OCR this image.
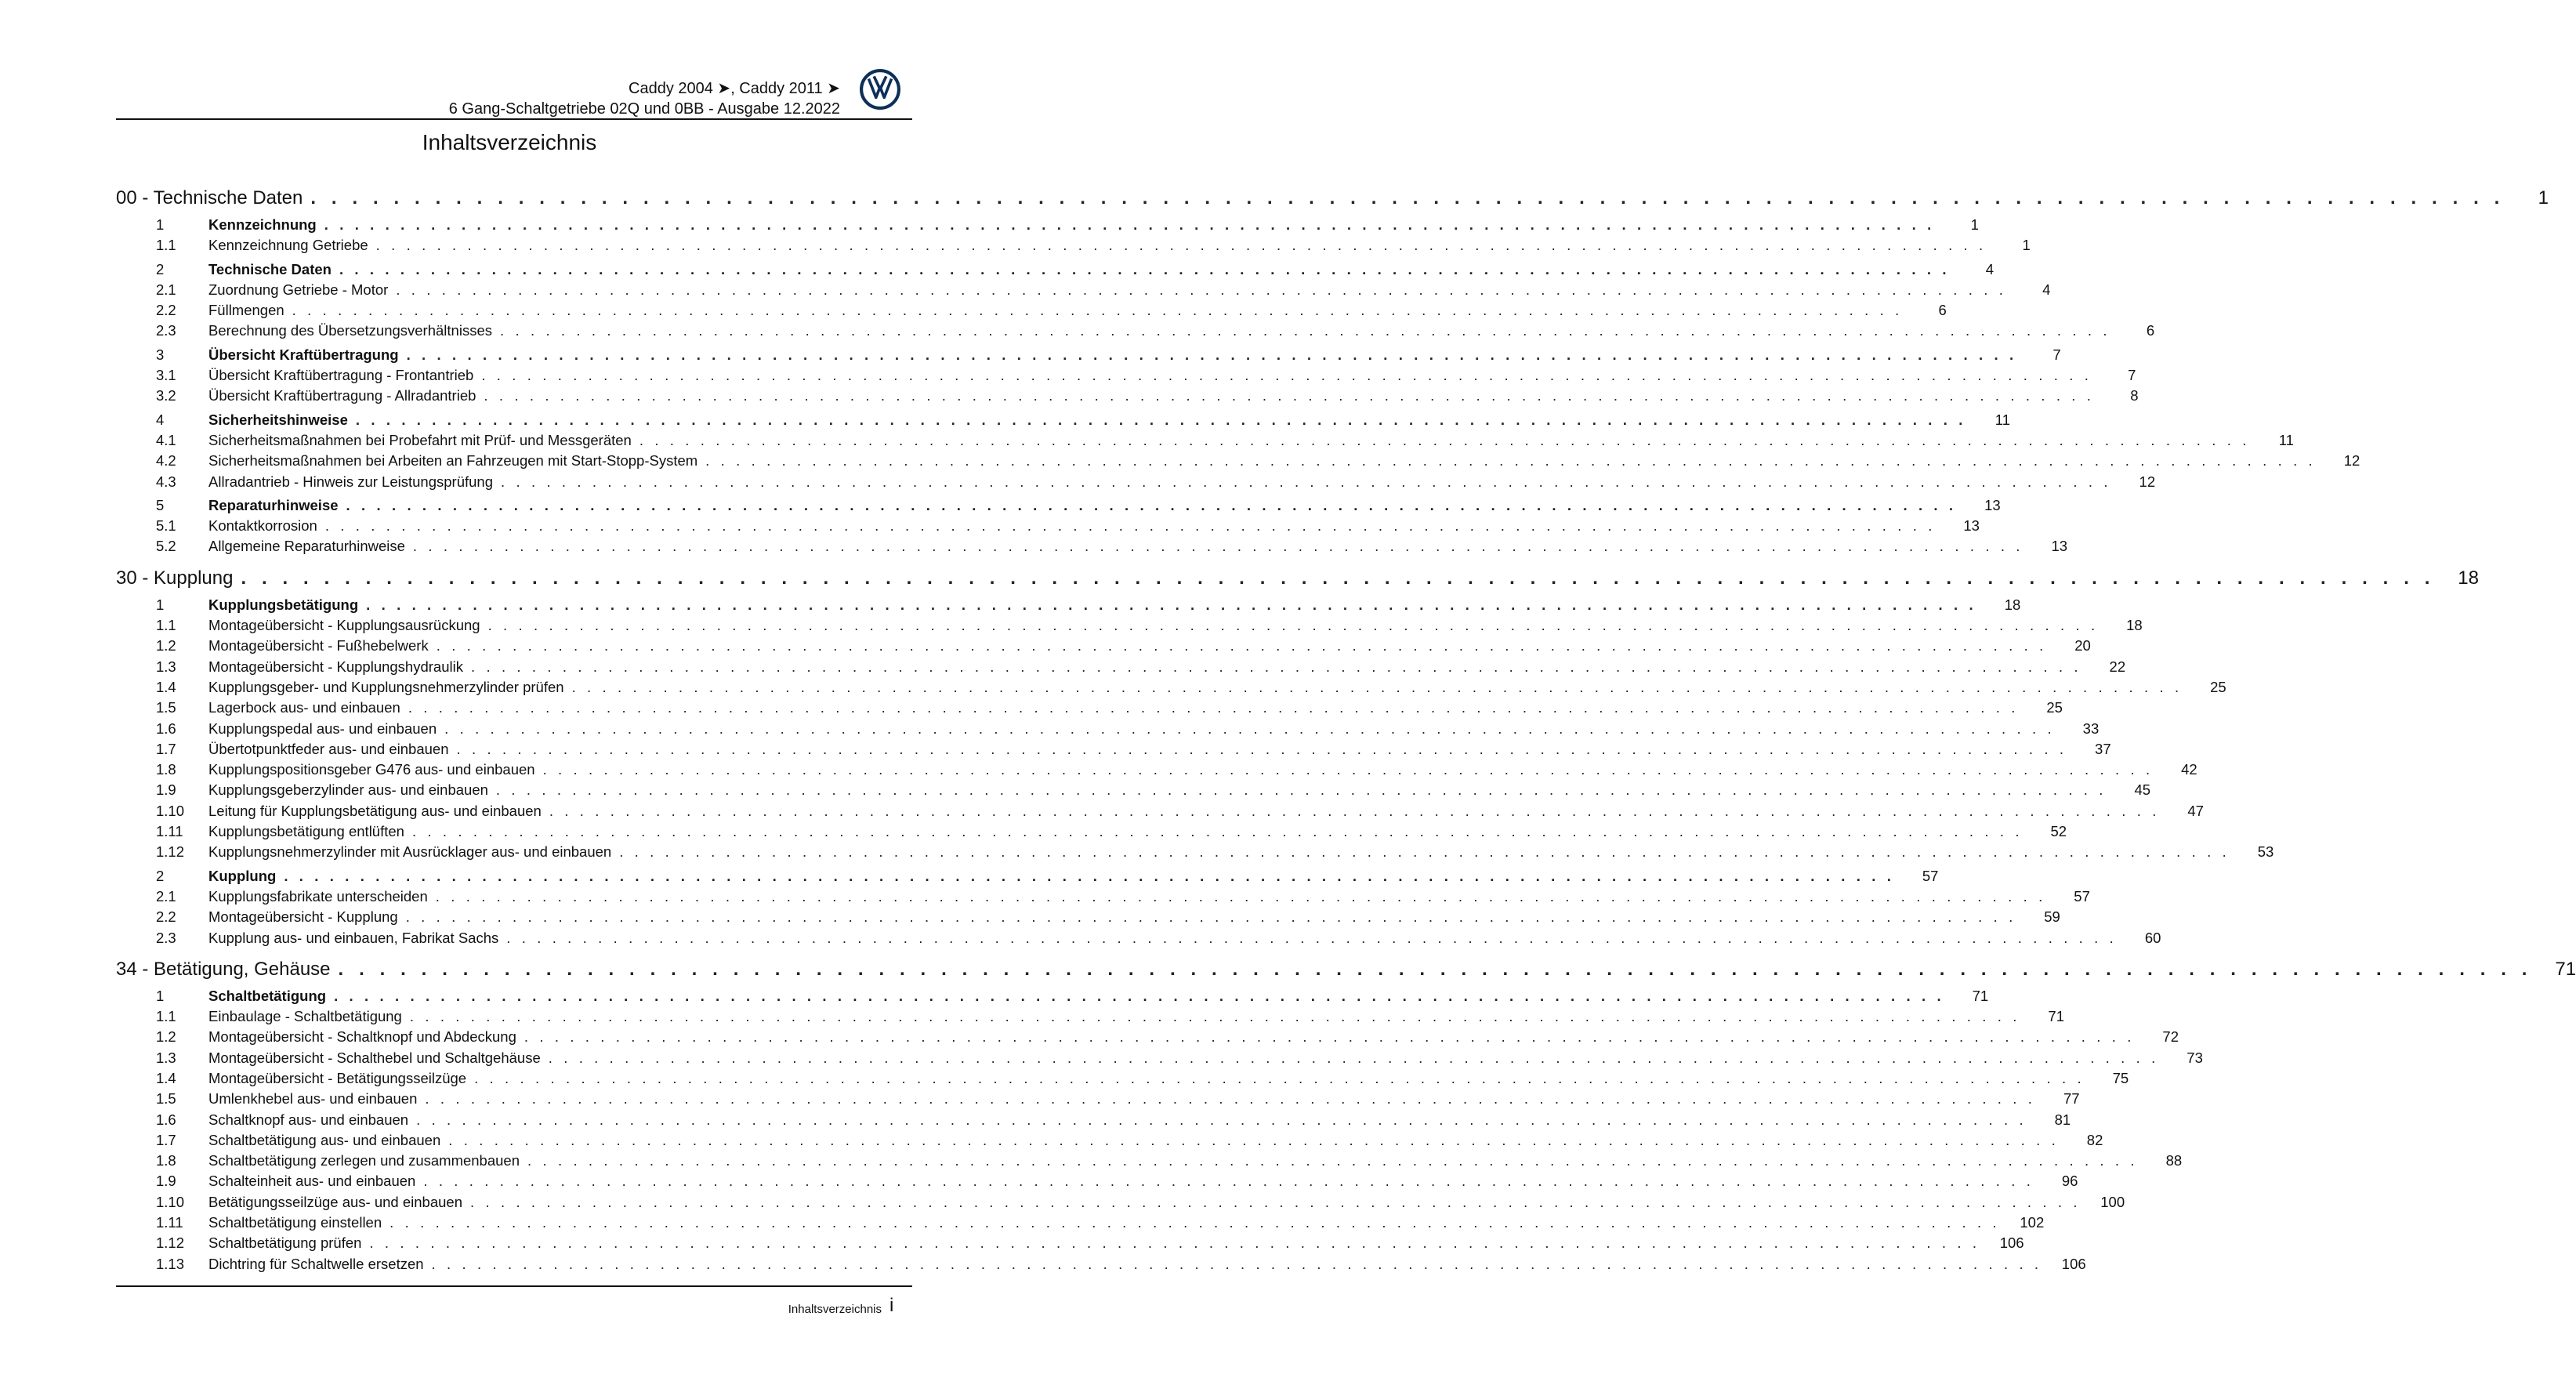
Caddy 2004 ➤, Caddy 2011 ➤
6 Gang-Schaltgetriebe 02Q und 0BB - Ausgabe 12.2022
Inhaltsverzeichnis
00 - Technische Daten . . . . . . . . . . . . . . . . . . . . . . . . . . . . . . . . . . . . . . . . . . . . . . . . . . . . . . . . . . . . . . . . . . . . . . . . . . . . . . . . . . . . . . . . . . . . . . . . . . . . . . . . . .	1
1	Kennzeichnung . . . . . . . . . . . . . . . . . . . . . . . . . . . . . . . . . . . . . . . . . . . . . . . . . . . . . . . . . . . . . . . . . . . . . . . . . . . . . . . . . . . . . . . . . . . . . . . . . . . . . . . . . .	1
1.1	Kennzeichnung Getriebe . . . . . . . . . . . . . . . . . . . . . . . . . . . . . . . . . . . . . . . . . . . . . . . . . . . . . . . . . . . . . . . . . . . . . . . . . . . . . . . . . . . . . . . . . . . . . . . . . . . . . . . . . .	1
2	Technische Daten . . . . . . . . . . . . . . . . . . . . . . . . . . . . . . . . . . . . . . . . . . . . . . . . . . . . . . . . . . . . . . . . . . . . . . . . . . . . . . . . . . . . . . . . . . . . . . . . . . . . . . . . . .	4
2.1	Zuordnung Getriebe - Motor . . . . . . . . . . . . . . . . . . . . . . . . . . . . . . . . . . . . . . . . . . . . . . . . . . . . . . . . . . . . . . . . . . . . . . . . . . . . . . . . . . . . . . . . . . . . . . . . . . . . . . . . . .	4
2.2	Füllmengen . . . . . . . . . . . . . . . . . . . . . . . . . . . . . . . . . . . . . . . . . . . . . . . . . . . . . . . . . . . . . . . . . . . . . . . . . . . . . . . . . . . . . . . . . . . . . . . . . . . . . . . . . .	6
2.3	Berechnung des Übersetzungsverhältnisses . . . . . . . . . . . . . . . . . . . . . . . . . . . . . . . . . . . . . . . . . . . . . . . . . . . . . . . . . . . . . . . . . . . . . . . . . . . . . . . . . . . . . . . . . . . . . . . . . . . . . . . . . .	6
3	Übersicht Kraftübertragung . . . . . . . . . . . . . . . . . . . . . . . . . . . . . . . . . . . . . . . . . . . . . . . . . . . . . . . . . . . . . . . . . . . . . . . . . . . . . . . . . . . . . . . . . . . . . . . . . . . . . . . . . .	7
3.1	Übersicht Kraftübertragung - Frontantrieb . . . . . . . . . . . . . . . . . . . . . . . . . . . . . . . . . . . . . . . . . . . . . . . . . . . . . . . . . . . . . . . . . . . . . . . . . . . . . . . . . . . . . . . . . . . . . . . . . . . . . . . . . .	7
3.2	Übersicht Kraftübertragung - Allradantrieb . . . . . . . . . . . . . . . . . . . . . . . . . . . . . . . . . . . . . . . . . . . . . . . . . . . . . . . . . . . . . . . . . . . . . . . . . . . . . . . . . . . . . . . . . . . . . . . . . . . . . . . . . .	8
4	Sicherheitshinweise . . . . . . . . . . . . . . . . . . . . . . . . . . . . . . . . . . . . . . . . . . . . . . . . . . . . . . . . . . . . . . . . . . . . . . . . . . . . . . . . . . . . . . . . . . . . . . . . . . . . . . . . . .	11
4.1	Sicherheitsmaßnahmen bei Probefahrt mit Prüf- und Messgeräten . . . . . . . . . . . . . . . . . . . . . . . . . . . . . . . . . . . . . . . . . . . . . . . . . . . . . . . . . . . . . . . . . . . . . . . . . . . . . . . . . . . . . . . . . . . . . . . . . . . . . . . . . .	11
4.2	Sicherheitsmaßnahmen bei Arbeiten an Fahrzeugen mit Start-Stopp-System . . . . . . . . . . . . . . . . . . . . . . . . . . . . . . . . . . . . . . . . . . . . . . . . . . . . . . . . . . . . . . . . . . . . . . . . . . . . . . . . . . . . . . . . . . . . . . . . . . . . . . . . . .	12
4.3	Allradantrieb - Hinweis zur Leistungsprüfung . . . . . . . . . . . . . . . . . . . . . . . . . . . . . . . . . . . . . . . . . . . . . . . . . . . . . . . . . . . . . . . . . . . . . . . . . . . . . . . . . . . . . . . . . . . . . . . . . . . . . . . . . .	12
5	Reparaturhinweise . . . . . . . . . . . . . . . . . . . . . . . . . . . . . . . . . . . . . . . . . . . . . . . . . . . . . . . . . . . . . . . . . . . . . . . . . . . . . . . . . . . . . . . . . . . . . . . . . . . . . . . . . .	13
5.1	Kontaktkorrosion . . . . . . . . . . . . . . . . . . . . . . . . . . . . . . . . . . . . . . . . . . . . . . . . . . . . . . . . . . . . . . . . . . . . . . . . . . . . . . . . . . . . . . . . . . . . . . . . . . . . . . . . . .	13
5.2	Allgemeine Reparaturhinweise . . . . . . . . . . . . . . . . . . . . . . . . . . . . . . . . . . . . . . . . . . . . . . . . . . . . . . . . . . . . . . . . . . . . . . . . . . . . . . . . . . . . . . . . . . . . . . . . . . . . . . . . . .	13
30 - Kupplung . . . . . . . . . . . . . . . . . . . . . . . . . . . . . . . . . . . . . . . . . . . . . . . . . . . . . . . . . . . . . . . . . . . . . . . . . . . . . . . . . . . . . . . . . . . . . . . . . . . . . . . . . .	18
1	Kupplungsbetätigung . . . . . . . . . . . . . . . . . . . . . . . . . . . . . . . . . . . . . . . . . . . . . . . . . . . . . . . . . . . . . . . . . . . . . . . . . . . . . . . . . . . . . . . . . . . . . . . . . . . . . . . . . .	18
1.1	Montageübersicht - Kupplungsausrückung . . . . . . . . . . . . . . . . . . . . . . . . . . . . . . . . . . . . . . . . . . . . . . . . . . . . . . . . . . . . . . . . . . . . . . . . . . . . . . . . . . . . . . . . . . . . . . . . . . . . . . . . . .	18
1.2	Montageübersicht - Fußhebelwerk . . . . . . . . . . . . . . . . . . . . . . . . . . . . . . . . . . . . . . . . . . . . . . . . . . . . . . . . . . . . . . . . . . . . . . . . . . . . . . . . . . . . . . . . . . . . . . . . . . . . . . . . . .	20
1.3	Montageübersicht - Kupplungshydraulik . . . . . . . . . . . . . . . . . . . . . . . . . . . . . . . . . . . . . . . . . . . . . . . . . . . . . . . . . . . . . . . . . . . . . . . . . . . . . . . . . . . . . . . . . . . . . . . . . . . . . . . . . .	22
1.4	Kupplungsgeber- und Kupplungsnehmerzylinder prüfen . . . . . . . . . . . . . . . . . . . . . . . . . . . . . . . . . . . . . . . . . . . . . . . . . . . . . . . . . . . . . . . . . . . . . . . . . . . . . . . . . . . . . . . . . . . . . . . . . . . . . . . . . .	25
1.5	Lagerbock aus- und einbauen . . . . . . . . . . . . . . . . . . . . . . . . . . . . . . . . . . . . . . . . . . . . . . . . . . . . . . . . . . . . . . . . . . . . . . . . . . . . . . . . . . . . . . . . . . . . . . . . . . . . . . . . . .	25
1.6	Kupplungspedal aus- und einbauen . . . . . . . . . . . . . . . . . . . . . . . . . . . . . . . . . . . . . . . . . . . . . . . . . . . . . . . . . . . . . . . . . . . . . . . . . . . . . . . . . . . . . . . . . . . . . . . . . . . . . . . . . .	33
1.7	Übertotpunktfeder aus- und einbauen . . . . . . . . . . . . . . . . . . . . . . . . . . . . . . . . . . . . . . . . . . . . . . . . . . . . . . . . . . . . . . . . . . . . . . . . . . . . . . . . . . . . . . . . . . . . . . . . . . . . . . . . . .	37
1.8	Kupplungspositionsgeber G476 aus- und einbauen . . . . . . . . . . . . . . . . . . . . . . . . . . . . . . . . . . . . . . . . . . . . . . . . . . . . . . . . . . . . . . . . . . . . . . . . . . . . . . . . . . . . . . . . . . . . . . . . . . . . . . . . . .	42
1.9	Kupplungsgeberzylinder aus- und einbauen . . . . . . . . . . . . . . . . . . . . . . . . . . . . . . . . . . . . . . . . . . . . . . . . . . . . . . . . . . . . . . . . . . . . . . . . . . . . . . . . . . . . . . . . . . . . . . . . . . . . . . . . . .	45
1.10	Leitung für Kupplungsbetätigung aus- und einbauen . . . . . . . . . . . . . . . . . . . . . . . . . . . . . . . . . . . . . . . . . . . . . . . . . . . . . . . . . . . . . . . . . . . . . . . . . . . . . . . . . . . . . . . . . . . . . . . . . . . . . . . . . .	47
1.11	Kupplungsbetätigung entlüften . . . . . . . . . . . . . . . . . . . . . . . . . . . . . . . . . . . . . . . . . . . . . . . . . . . . . . . . . . . . . . . . . . . . . . . . . . . . . . . . . . . . . . . . . . . . . . . . . . . . . . . . . .	52
1.12	Kupplungsnehmerzylinder mit Ausrücklager aus- und einbauen . . . . . . . . . . . . . . . . . . . . . . . . . . . . . . . . . . . . . . . . . . . . . . . . . . . . . . . . . . . . . . . . . . . . . . . . . . . . . . . . . . . . . . . . . . . . . . . . . . . . . . . . . .	53
2	Kupplung . . . . . . . . . . . . . . . . . . . . . . . . . . . . . . . . . . . . . . . . . . . . . . . . . . . . . . . . . . . . . . . . . . . . . . . . . . . . . . . . . . . . . . . . . . . . . . . . . . . . . . . . . .	57
2.1	Kupplungsfabrikate unterscheiden . . . . . . . . . . . . . . . . . . . . . . . . . . . . . . . . . . . . . . . . . . . . . . . . . . . . . . . . . . . . . . . . . . . . . . . . . . . . . . . . . . . . . . . . . . . . . . . . . . . . . . . . . .	57
2.2	Montageübersicht - Kupplung . . . . . . . . . . . . . . . . . . . . . . . . . . . . . . . . . . . . . . . . . . . . . . . . . . . . . . . . . . . . . . . . . . . . . . . . . . . . . . . . . . . . . . . . . . . . . . . . . . . . . . . . . .	59
2.3	Kupplung aus- und einbauen, Fabrikat Sachs . . . . . . . . . . . . . . . . . . . . . . . . . . . . . . . . . . . . . . . . . . . . . . . . . . . . . . . . . . . . . . . . . . . . . . . . . . . . . . . . . . . . . . . . . . . . . . . . . . . . . . . . . .	60
34 - Betätigung, Gehäuse . . . . . . . . . . . . . . . . . . . . . . . . . . . . . . . . . . . . . . . . . . . . . . . . . . . . . . . . . . . . . . . . . . . . . . . . . . . . . . . . . . . . . . . . . . . . . . . . . . . . . . . . . .	71
1	Schaltbetätigung . . . . . . . . . . . . . . . . . . . . . . . . . . . . . . . . . . . . . . . . . . . . . . . . . . . . . . . . . . . . . . . . . . . . . . . . . . . . . . . . . . . . . . . . . . . . . . . . . . . . . . . . . .	71
1.1	Einbaulage - Schaltbetätigung . . . . . . . . . . . . . . . . . . . . . . . . . . . . . . . . . . . . . . . . . . . . . . . . . . . . . . . . . . . . . . . . . . . . . . . . . . . . . . . . . . . . . . . . . . . . . . . . . . . . . . . . . .	71
1.2	Montageübersicht - Schaltknopf und Abdeckung . . . . . . . . . . . . . . . . . . . . . . . . . . . . . . . . . . . . . . . . . . . . . . . . . . . . . . . . . . . . . . . . . . . . . . . . . . . . . . . . . . . . . . . . . . . . . . . . . . . . . . . . . .	72
1.3	Montageübersicht - Schalthebel und Schaltgehäuse . . . . . . . . . . . . . . . . . . . . . . . . . . . . . . . . . . . . . . . . . . . . . . . . . . . . . . . . . . . . . . . . . . . . . . . . . . . . . . . . . . . . . . . . . . . . . . . . . . . . . . . . . .	73
1.4	Montageübersicht - Betätigungsseilzüge . . . . . . . . . . . . . . . . . . . . . . . . . . . . . . . . . . . . . . . . . . . . . . . . . . . . . . . . . . . . . . . . . . . . . . . . . . . . . . . . . . . . . . . . . . . . . . . . . . . . . . . . . .	75
1.5	Umlenkhebel aus- und einbauen . . . . . . . . . . . . . . . . . . . . . . . . . . . . . . . . . . . . . . . . . . . . . . . . . . . . . . . . . . . . . . . . . . . . . . . . . . . . . . . . . . . . . . . . . . . . . . . . . . . . . . . . . .	77
1.6	Schaltknopf aus- und einbauen . . . . . . . . . . . . . . . . . . . . . . . . . . . . . . . . . . . . . . . . . . . . . . . . . . . . . . . . . . . . . . . . . . . . . . . . . . . . . . . . . . . . . . . . . . . . . . . . . . . . . . . . . .	81
1.7	Schaltbetätigung aus- und einbauen . . . . . . . . . . . . . . . . . . . . . . . . . . . . . . . . . . . . . . . . . . . . . . . . . . . . . . . . . . . . . . . . . . . . . . . . . . . . . . . . . . . . . . . . . . . . . . . . . . . . . . . . . .	82
1.8	Schaltbetätigung zerlegen und zusammenbauen . . . . . . . . . . . . . . . . . . . . . . . . . . . . . . . . . . . . . . . . . . . . . . . . . . . . . . . . . . . . . . . . . . . . . . . . . . . . . . . . . . . . . . . . . . . . . . . . . . . . . . . . . .	88
1.9	Schalteinheit aus- und einbauen . . . . . . . . . . . . . . . . . . . . . . . . . . . . . . . . . . . . . . . . . . . . . . . . . . . . . . . . . . . . . . . . . . . . . . . . . . . . . . . . . . . . . . . . . . . . . . . . . . . . . . . . . .	96
1.10	Betätigungsseilzüge aus- und einbauen . . . . . . . . . . . . . . . . . . . . . . . . . . . . . . . . . . . . . . . . . . . . . . . . . . . . . . . . . . . . . . . . . . . . . . . . . . . . . . . . . . . . . . . . . . . . . . . . . . . . . . . . . .	100
1.11	Schaltbetätigung einstellen . . . . . . . . . . . . . . . . . . . . . . . . . . . . . . . . . . . . . . . . . . . . . . . . . . . . . . . . . . . . . . . . . . . . . . . . . . . . . . . . . . . . . . . . . . . . . . . . . . . . . . . . . .	102
1.12	Schaltbetätigung prüfen . . . . . . . . . . . . . . . . . . . . . . . . . . . . . . . . . . . . . . . . . . . . . . . . . . . . . . . . . . . . . . . . . . . . . . . . . . . . . . . . . . . . . . . . . . . . . . . . . . . . . . . . . .	106
1.13	Dichtring für Schaltwelle ersetzen . . . . . . . . . . . . . . . . . . . . . . . . . . . . . . . . . . . . . . . . . . . . . . . . . . . . . . . . . . . . . . . . . . . . . . . . . . . . . . . . . . . . . . . . . . . . . . . . . . . . . . . . . .	106
Inhaltsverzeichnis i
